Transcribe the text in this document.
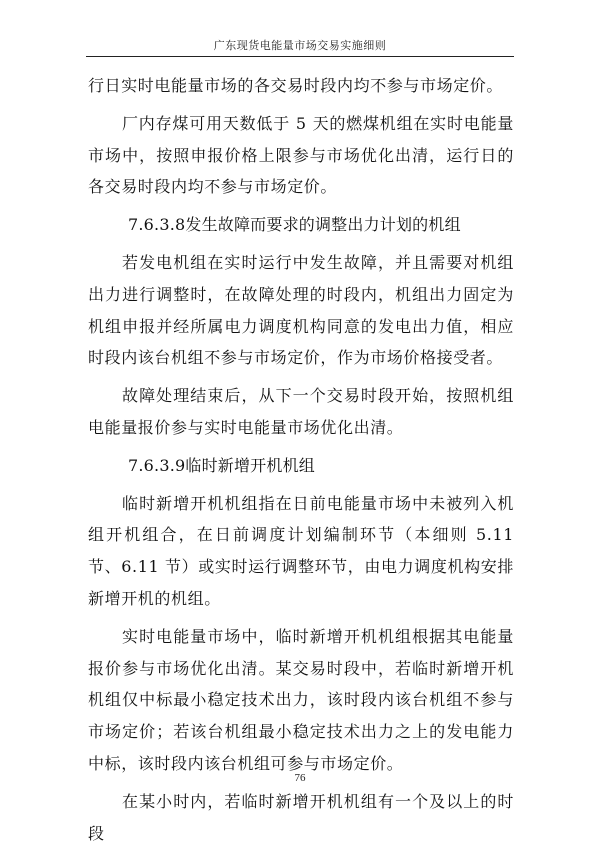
广东现货电能量市场交易实施细则

行日实时电能量市场的各交易时段内均不参与市场定价。

厂内存煤可用天数低于 5 天的燃煤机组在实时电能量市场中，按照申报价格上限参与市场优化出清，运行日的各交易时段内均不参与市场定价。

7.6.3.8发生故障而要求的调整出力计划的机组

若发电机组在实时运行中发生故障，并且需要对机组出力进行调整时，在故障处理的时段内，机组出力固定为机组申报并经所属电力调度机构同意的发电出力值，相应时段内该台机组不参与市场定价，作为市场价格接受者。

故障处理结束后，从下一个交易时段开始，按照机组电能量报价参与实时电能量市场优化出清。

7.6.3.9临时新增开机机组

临时新增开机机组指在日前电能量市场中未被列入机组开机组合，在日前调度计划编制环节（本细则 5.11 节、6.11 节）或实时运行调整环节，由电力调度机构安排新增开机的机组。

实时电能量市场中，临时新增开机机组根据其电能量报价参与市场优化出清。某交易时段中，若临时新增开机机组仅中标最小稳定技术出力，该时段内该台机组不参与市场定价；若该台机组最小稳定技术出力之上的发电能力中标，该时段内该台机组可参与市场定价。

在某小时内，若临时新增开机机组有一个及以上的时段

76
